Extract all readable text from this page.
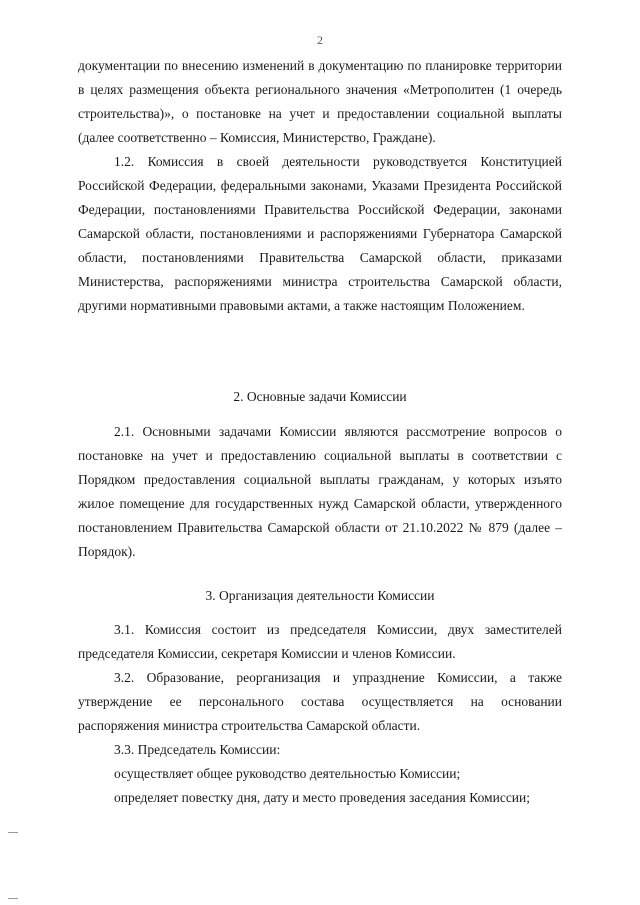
2

документации по внесению изменений в документацию по планировке территории в целях размещения объекта регионального значения «Метрополитен (1 очередь строительства)», о постановке на учет и предоставлении социальной выплаты (далее соответственно – Комиссия, Министерство, Граждане).

1.2. Комиссия в своей деятельности руководствуется Конституцией Российской Федерации, федеральными законами, Указами Президента Российской Федерации, постановлениями Правительства Российской Федерации, законами Самарской области, постановлениями и распоряжениями Губернатора Самарской области, постановлениями Правительства Самарской области, приказами Министерства, распоряжениями министра строительства Самарской области, другими нормативными правовыми актами, а также настоящим Положением.

2. Основные задачи Комиссии

2.1. Основными задачами Комиссии являются рассмотрение вопросов о постановке на учет и предоставлению социальной выплаты в соответствии с Порядком предоставления социальной выплаты гражданам, у которых изъято жилое помещение для государственных нужд Самарской области, утвержденного постановлением Правительства Самарской области от 21.10.2022 № 879 (далее – Порядок).

3. Организация деятельности Комиссии

3.1. Комиссия состоит из председателя Комиссии, двух заместителей председателя Комиссии, секретаря Комиссии и членов Комиссии.

3.2. Образование, реорганизация и упразднение Комиссии, а также утверждение ее персонального состава осуществляется на основании распоряжения министра строительства Самарской области.

3.3. Председатель Комиссии:

осуществляет общее руководство деятельностью Комиссии;

определяет повестку дня, дату и место проведения заседания Комиссии;
